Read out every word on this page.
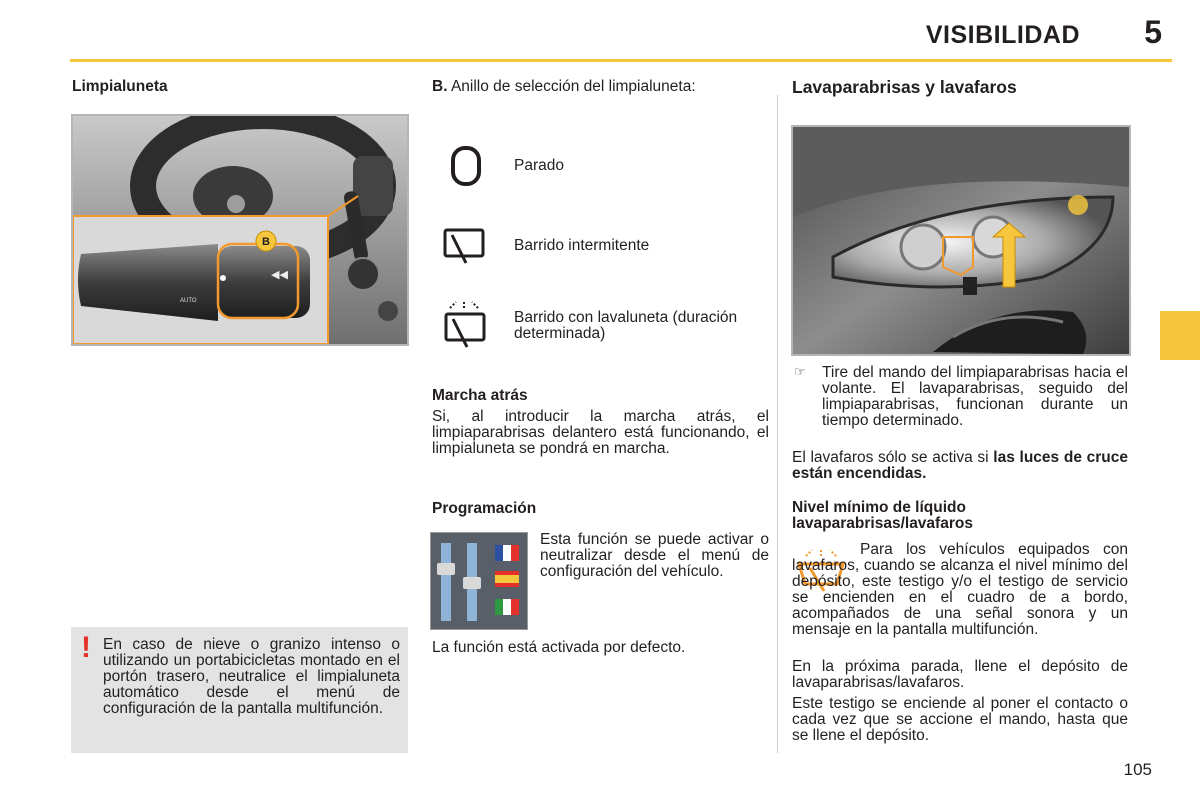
VISIBILIDAD 5
Limpialuneta
AUTO
◀◀
B
! En caso de nieve o granizo intenso o utilizando un portabicicletas montado en el portón trasero, neutralice el limpialuneta automático desde el menú de configuración de la pantalla multifunción.
B. Anillo de selección del limpialuneta:
Parado
Barrido intermitente
Barrido con lavaluneta (duración determinada)
Marcha atrás
Si, al introducir la marcha atrás, el limpiaparabrisas delantero está funcionando, el limpialuneta se pondrá en marcha.
Programación
Esta función se puede activar o neutralizar desde el menú de configuración del vehículo.
La función está activada por defecto.
Lavaparabrisas y lavafaros
☞ Tire del mando del limpiaparabrisas hacia el volante. El lavaparabrisas, seguido del limpiaparabrisas, funcionan durante un tiempo determinado.
El lavafaros sólo se activa si las luces de cruce están encendidas.
Nivel mínimo de líquido lavaparabrisas/lavafaros
Para los vehículos equipados con lavafaros, cuando se alcanza el nivel mínimo del depósito, este testigo y/o el testigo de servicio se encienden en el cuadro de a bordo, acompañados de una señal sonora y un mensaje en la pantalla multifunción.
En la próxima parada, llene el depósito de lavaparabrisas/lavafaros.
Este testigo se enciende al poner el contacto o cada vez que se accione el mando, hasta que se llene el depósito.
105
